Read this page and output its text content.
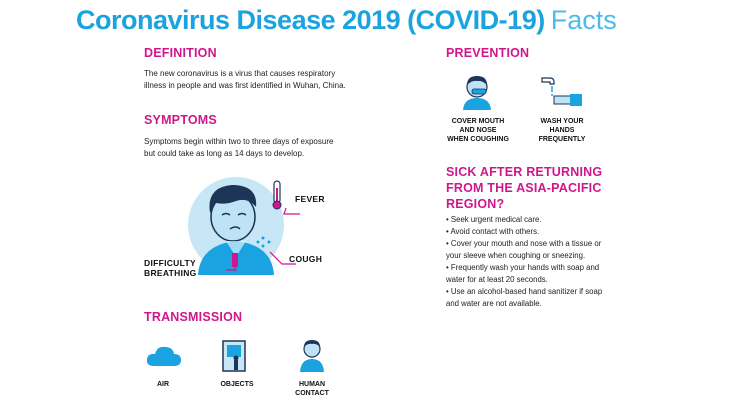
Coronavirus Disease 2019 (COVID-19) Facts
DEFINITION
The new coronavirus is a virus that causes respiratory
illness in people and was first identified in Wuhan, China.
SYMPTOMS
Symptoms begin within two to three days of exposure
but could take as long as 14 days to develop.
FEVER
COUGH
DIFFICULTY
BREATHING
TRANSMISSION
AIR	OBJECTS	HUMAN
CONTACT
PREVENTION
COVER MOUTH
AND NOSE
WHEN COUGHING
WASH YOUR
HANDS
FREQUENTLY
SICK AFTER RETURNING
FROM THE ASIA-PACIFIC
REGION?
• Seek urgent medical care.
• Avoid contact with others.
• Cover your mouth and nose with a tissue or
your sleeve when coughing or sneezing.
• Frequently wash your hands with soap and
water for at least 20 seconds.
• Use an alcohol-based hand sanitizer if soap
and water are not available.
